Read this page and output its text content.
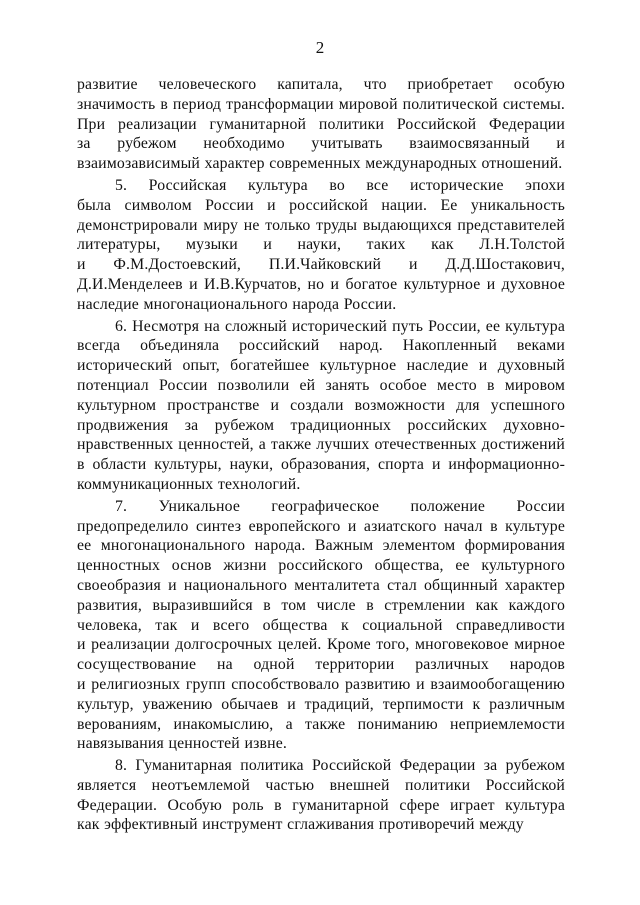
2
развитие человеческого капитала, что приобретает особую
значимость в период трансформации мировой политической системы.
При реализации гуманитарной политики Российской Федерации
за рубежом необходимо учитывать взаимосвязанный и
взаимозависимый характер современных международных отношений.
5. Российская культура во все исторические эпохи
была символом России и российской нации. Ее уникальность
демонстрировали миру не только труды выдающихся представителей
литературы, музыки и науки, таких как Л.Н.Толстой
и Ф.М.Достоевский, П.И.Чайковский и Д.Д.Шостакович,
Д.И.Менделеев и И.В.Курчатов, но и богатое культурное и духовное
наследие многонационального народа России.
6. Несмотря на сложный исторический путь России, ее культура
всегда объединяла российский народ. Накопленный веками
исторический опыт, богатейшее культурное наследие и духовный
потенциал России позволили ей занять особое место в мировом
культурном пространстве и создали возможности для успешного
продвижения за рубежом традиционных российских духовно-
нравственных ценностей, а также лучших отечественных достижений
в области культуры, науки, образования, спорта и информационно-
коммуникационных технологий.
7. Уникальное географическое положение России
предопределило синтез европейского и азиатского начал в культуре
ее многонационального народа. Важным элементом формирования
ценностных основ жизни российского общества, ее культурного
своеобразия и национального менталитета стал общинный характер
развития, выразившийся в том числе в стремлении как каждого
человека, так и всего общества к социальной справедливости
и реализации долгосрочных целей. Кроме того, многовековое мирное
сосуществование на одной территории различных народов
и религиозных групп способствовало развитию и взаимообогащению
культур, уважению обычаев и традиций, терпимости к различным
верованиям, инакомыслию, а также пониманию неприемлемости
навязывания ценностей извне.
8. Гуманитарная политика Российской Федерации за рубежом
является неотъемлемой частью внешней политики Российской
Федерации. Особую роль в гуманитарной сфере играет культура
как эффективный инструмент сглаживания противоречий между
